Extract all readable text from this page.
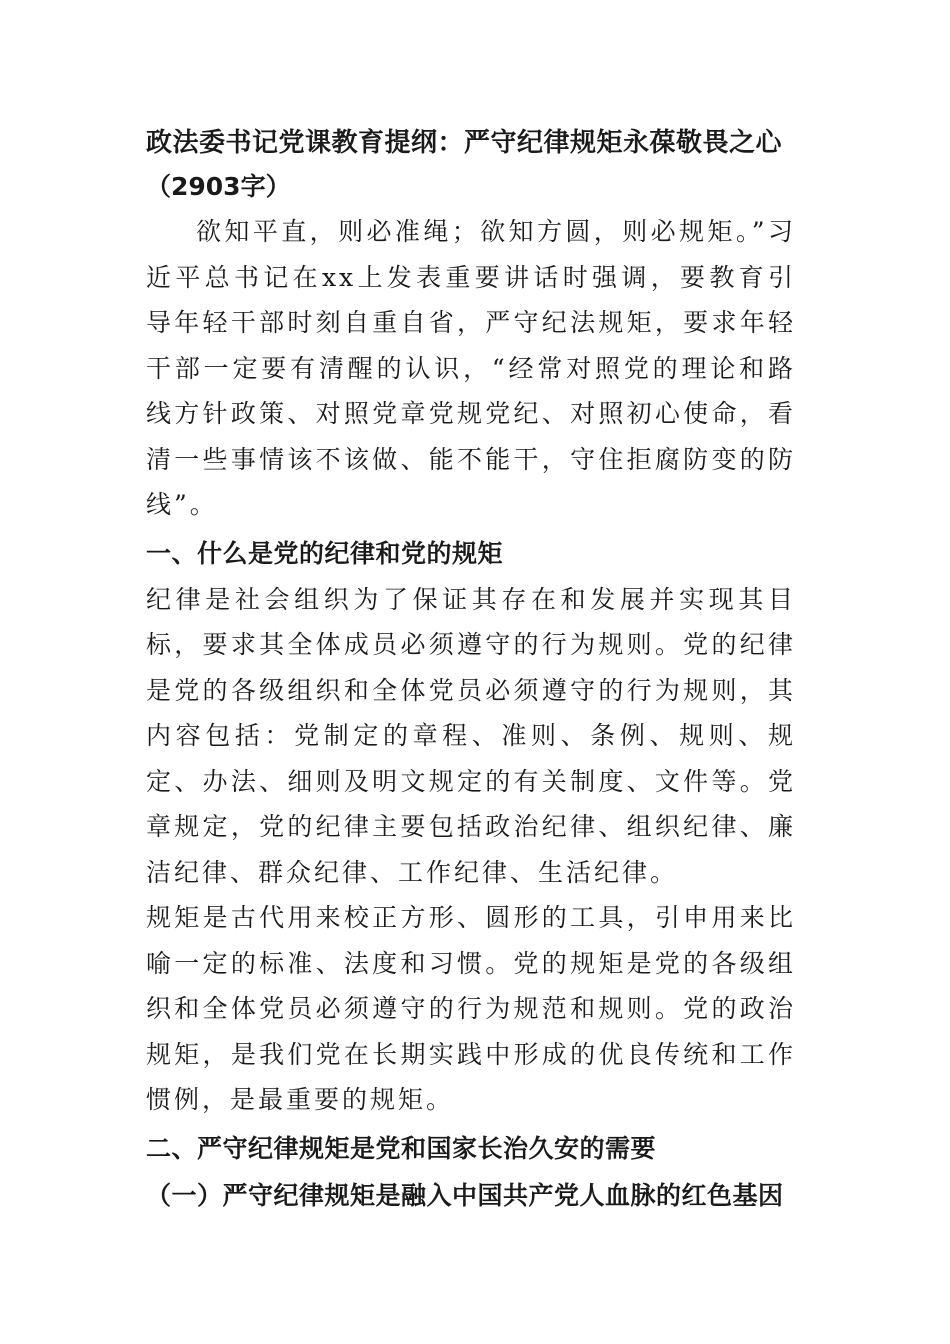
政法委书记党课教育提纲：严守纪律规矩永葆敬畏之心

（2903字）

欲知平直，则必准绳；欲知方圆，则必规矩。”习近平总书记在xx上发表重要讲话时强调，要教育引导年轻干部时刻自重自省，严守纪法规矩，要求年轻干部一定要有清醒的认识，“经常对照党的理论和路线方针政策、对照党章党规党纪、对照初心使命，看清一些事情该不该做、能不能干，守住拒腐防变的防线”。

一、什么是党的纪律和党的规矩

纪律是社会组织为了保证其存在和发展并实现其目标，要求其全体成员必须遵守的行为规则。党的纪律是党的各级组织和全体党员必须遵守的行为规则，其内容包括：党制定的章程、准则、条例、规则、规定、办法、细则及明文规定的有关制度、文件等。党章规定，党的纪律主要包括政治纪律、组织纪律、廉洁纪律、群众纪律、工作纪律、生活纪律。

规矩是古代用来校正方形、圆形的工具，引申用来比喻一定的标准、法度和习惯。党的规矩是党的各级组织和全体党员必须遵守的行为规范和规则。党的政治规矩，是我们党在长期实践中形成的优良传统和工作惯例，是最重要的规矩。

二、严守纪律规矩是党和国家长治久安的需要

（一）严守纪律规矩是融入中国共产党人血脉的红色基因
